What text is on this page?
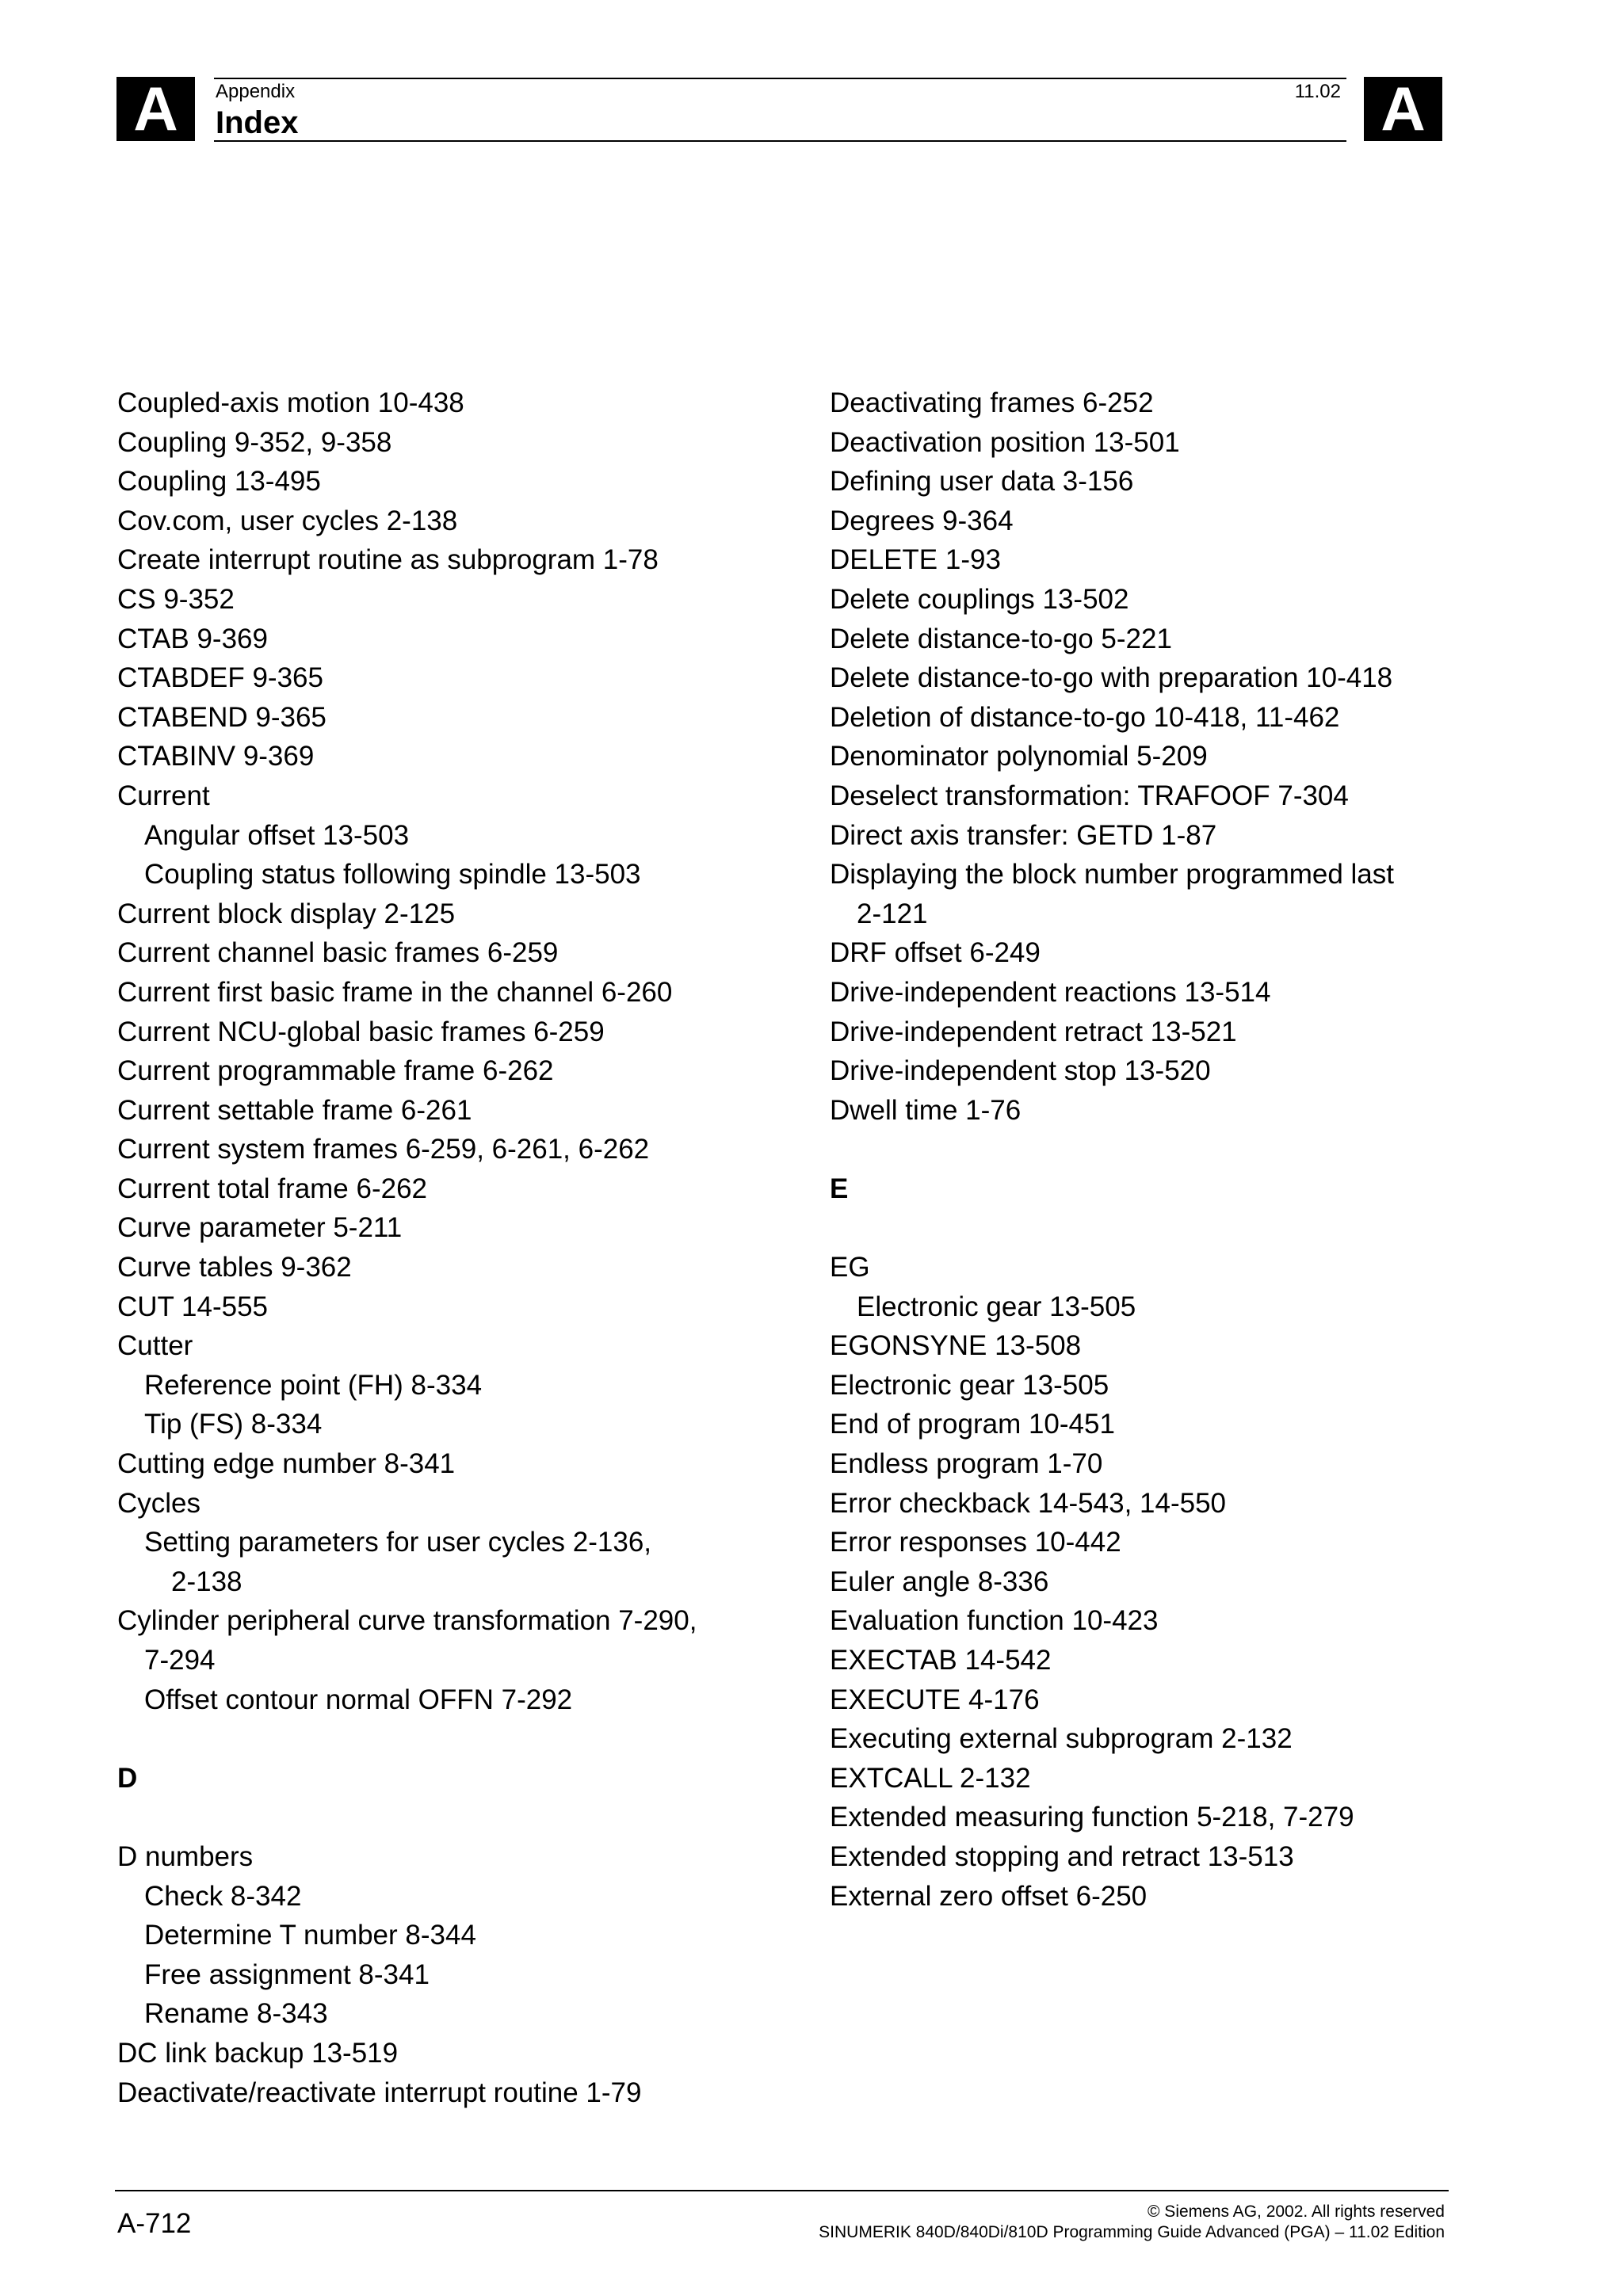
A	A
Appendix
Index
11.02
Coupled-axis motion 10-438
Coupling 9-352, 9-358
Coupling 13-495
Cov.com, user cycles 2-138
Create interrupt routine as subprogram 1-78
CS 9-352
CTAB 9-369
CTABDEF 9-365
CTABEND 9-365
CTABINV 9-369
Current
Angular offset 13-503
Coupling status following spindle 13-503
Current block display 2-125
Current channel basic frames 6-259
Current first basic frame in the channel 6-260
Current NCU-global basic frames 6-259
Current programmable frame 6-262
Current settable frame 6-261
Current system frames 6-259, 6-261, 6-262
Current total frame 6-262
Curve parameter 5-211
Curve tables 9-362
CUT 14-555
Cutter
Reference point (FH) 8-334
Tip (FS) 8-334
Cutting edge number 8-341
Cycles
Setting parameters for user cycles 2-136,
2-138
Cylinder peripheral curve transformation 7-290,
7-294
Offset contour normal OFFN 7-292
D
D numbers
Check 8-342
Determine T number 8-344
Free assignment 8-341
Rename 8-343
DC link backup 13-519
Deactivate/reactivate interrupt routine 1-79
Deactivating frames 6-252
Deactivation position 13-501
Defining user data 3-156
Degrees 9-364
DELETE 1-93
Delete couplings 13-502
Delete distance-to-go 5-221
Delete distance-to-go with preparation 10-418
Deletion of distance-to-go 10-418, 11-462
Denominator polynomial 5-209
Deselect transformation: TRAFOOF 7-304
Direct axis transfer: GETD 1-87
Displaying the block number programmed last
2-121
DRF offset 6-249
Drive-independent reactions 13-514
Drive-independent retract 13-521
Drive-independent stop 13-520
Dwell time 1-76
E
EG
Electronic gear 13-505
EGONSYNE 13-508
Electronic gear 13-505
End of program 10-451
Endless program 1-70
Error checkback 14-543, 14-550
Error responses 10-442
Euler angle 8-336
Evaluation function 10-423
EXECTAB 14-542
EXECUTE 4-176
Executing external subprogram 2-132
EXTCALL 2-132
Extended measuring function 5-218, 7-279
Extended stopping and retract 13-513
External zero offset 6-250
A-712	© Siemens AG, 2002. All rights reserved
SINUMERIK 840D/840Di/810D Programming Guide Advanced (PGA) – 11.02 Edition
